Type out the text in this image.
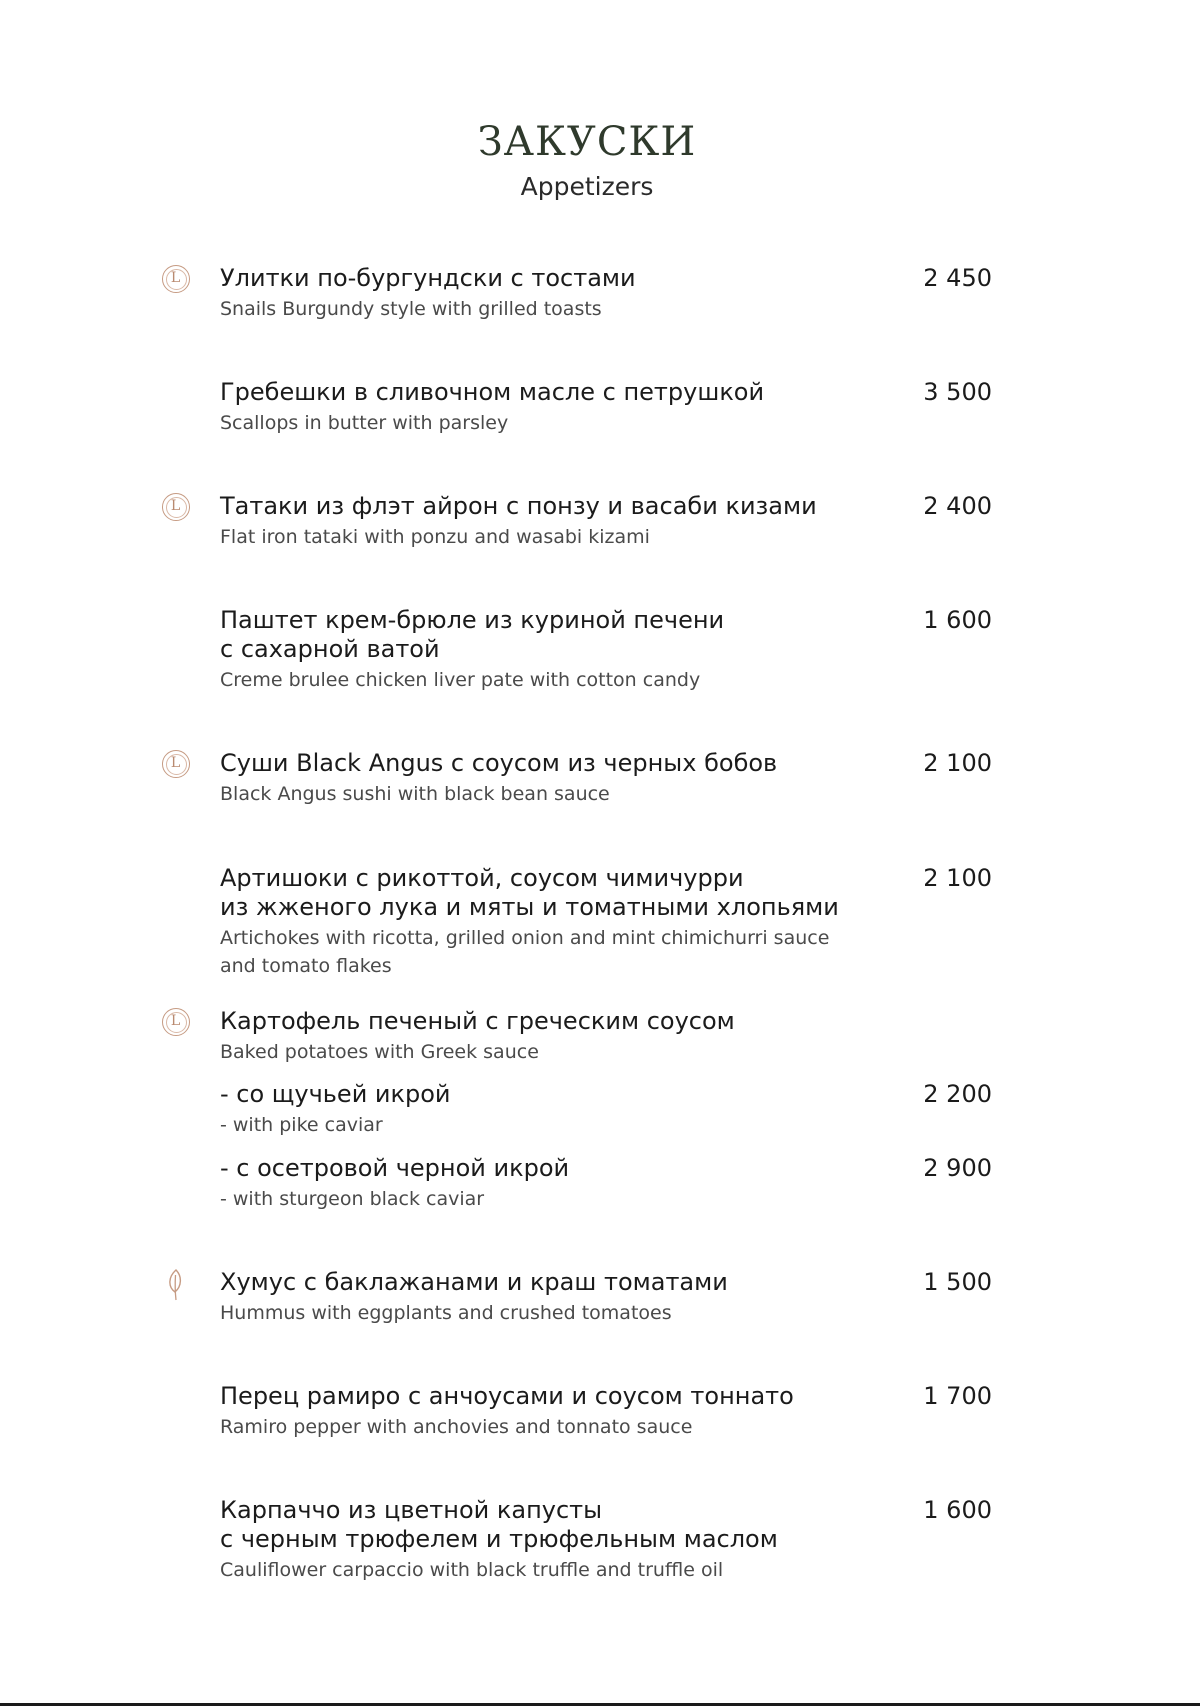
ЗАКУСКИ
Appetizers
L	Улитки по-бургундски с тостами	2 450
Snails Burgundy style with grilled toasts
Гребешки в сливочном масле с петрушкой	3 500
Scallops in butter with parsley
L	Татаки из флэт айрон с понзу и васаби кизами	2 400
Flat iron tataki with ponzu and wasabi kizami
Паштет крем-брюле из куриной печени
с сахарной ватой
1 600
Creme brulee chicken liver pate with cotton candy
L	Суши Black Angus с соусом из черных бобов	2 100
Black Angus sushi with black bean sauce
Артишоки с рикоттой, соусом чимичурри
из жженого лука и мяты и томатными хлопьями
2 100
Artichokes with ricotta, grilled onion and mint chimichurri sauce
and tomato flakes
L	Картофель печеный с греческим соусом
Baked potatoes with Greek sauce
- со щучьей икрой	2 200
- with pike caviar
- с осетровой черной икрой	2 900
- with sturgeon black caviar
Хумус с баклажанами и краш томатами	1 500
Hummus with eggplants and crushed tomatoes
Перец рамиро с анчоусами и соусом тоннато	1 700
Ramiro pepper with anchovies and tonnato sauce
Карпаччо из цветной капусты
с черным трюфелем и трюфельным маслом
1 600
Cauliflower carpaccio with black truffle and truffle oil
